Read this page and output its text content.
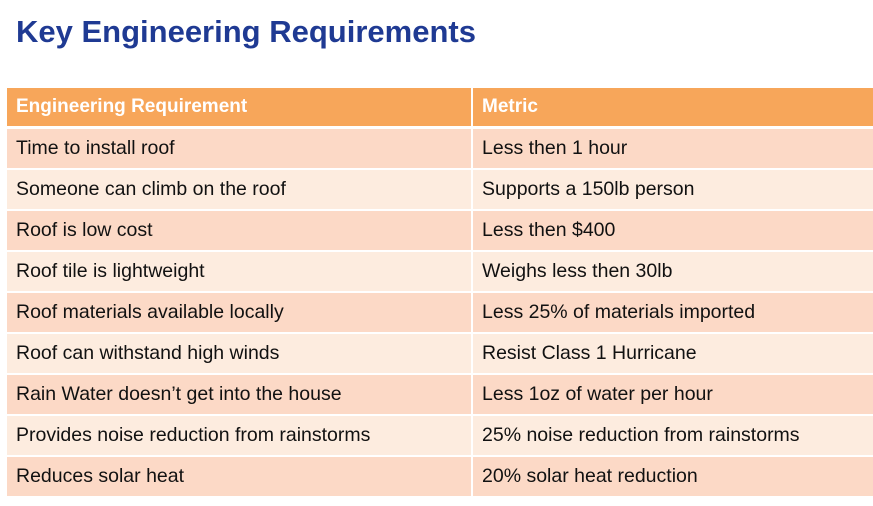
Key Engineering Requirements
Engineering Requirement	Metric
Time to install roof	Less then 1 hour
Someone can climb on the roof	Supports a 150lb person
Roof is low cost	Less then $400
Roof tile is lightweight	Weighs less then 30lb
Roof materials available locally	Less 25% of materials imported
Roof can withstand high winds	Resist Class 1 Hurricane
Rain Water doesn’t get into the house	Less 1oz of water per hour
Provides noise reduction from rainstorms	25% noise reduction from rainstorms
Reduces solar heat	20% solar heat reduction
